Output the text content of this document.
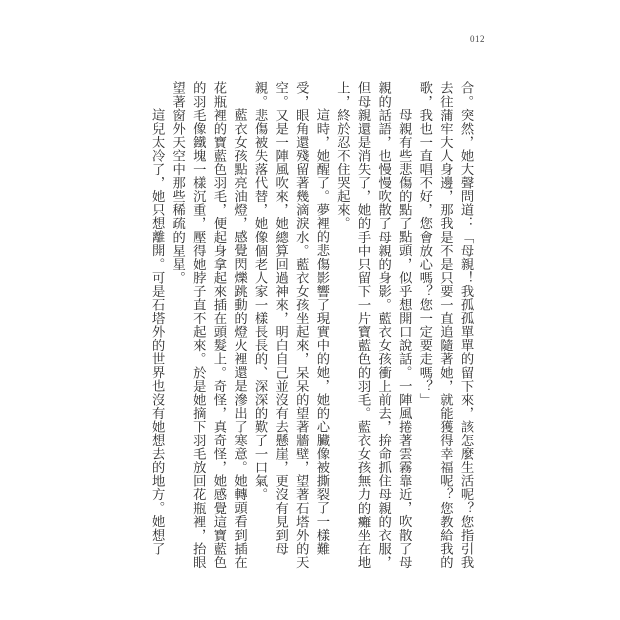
012

合。突然，她大聲問道：「母親！我孤孤單單的留下來，該怎麼生活呢？您指引我去往蒲牢大人身邊，那我是不是只要一直追隨著她，就能獲得幸福呢？您教給我的歌，我也一直唱不好，您會放心嗎？您一定要走嗎？」

母親有些悲傷的點了點頭，似乎想開口說話。一陣風捲著雲霧靠近，吹散了母親的話語，也慢慢吹散了母親的身影。藍衣女孩衝上前去，拚命抓住母親的衣服，但母親還是消失了，她的手中只留下一片寶藍色的羽毛。藍衣女孩無力的癱坐在地上，終於忍不住哭起來。

這時，她醒了。夢裡的悲傷影響了現實中的她，她的心臟像被撕裂了一樣難受，眼角還殘留著幾滴淚水。藍衣女孩坐起來，呆呆的望著牆壁，望著石塔外的天空。又是一陣風吹來，她總算回過神來，明白自己並沒有去懸崖，更沒有見到母親。悲傷被失落代替，她像個老人家一樣長長的、深深的歎了一口氣。

藍衣女孩點亮油燈，感覺閃爍跳動的燈火裡還是滲出了寒意。她轉頭看到插在花瓶裡的寶藍色羽毛，便起身拿起來插在頭髮上。奇怪，真奇怪，她感覺這寶藍色的羽毛像鐵塊一樣沉重，壓得她脖子直不起來。於是她摘下羽毛放回花瓶裡，抬眼望著窗外天空中那些稀疏的星星。

這兒太冷了，她只想離開。可是石塔外的世界也沒有她想去的地方。她想了
